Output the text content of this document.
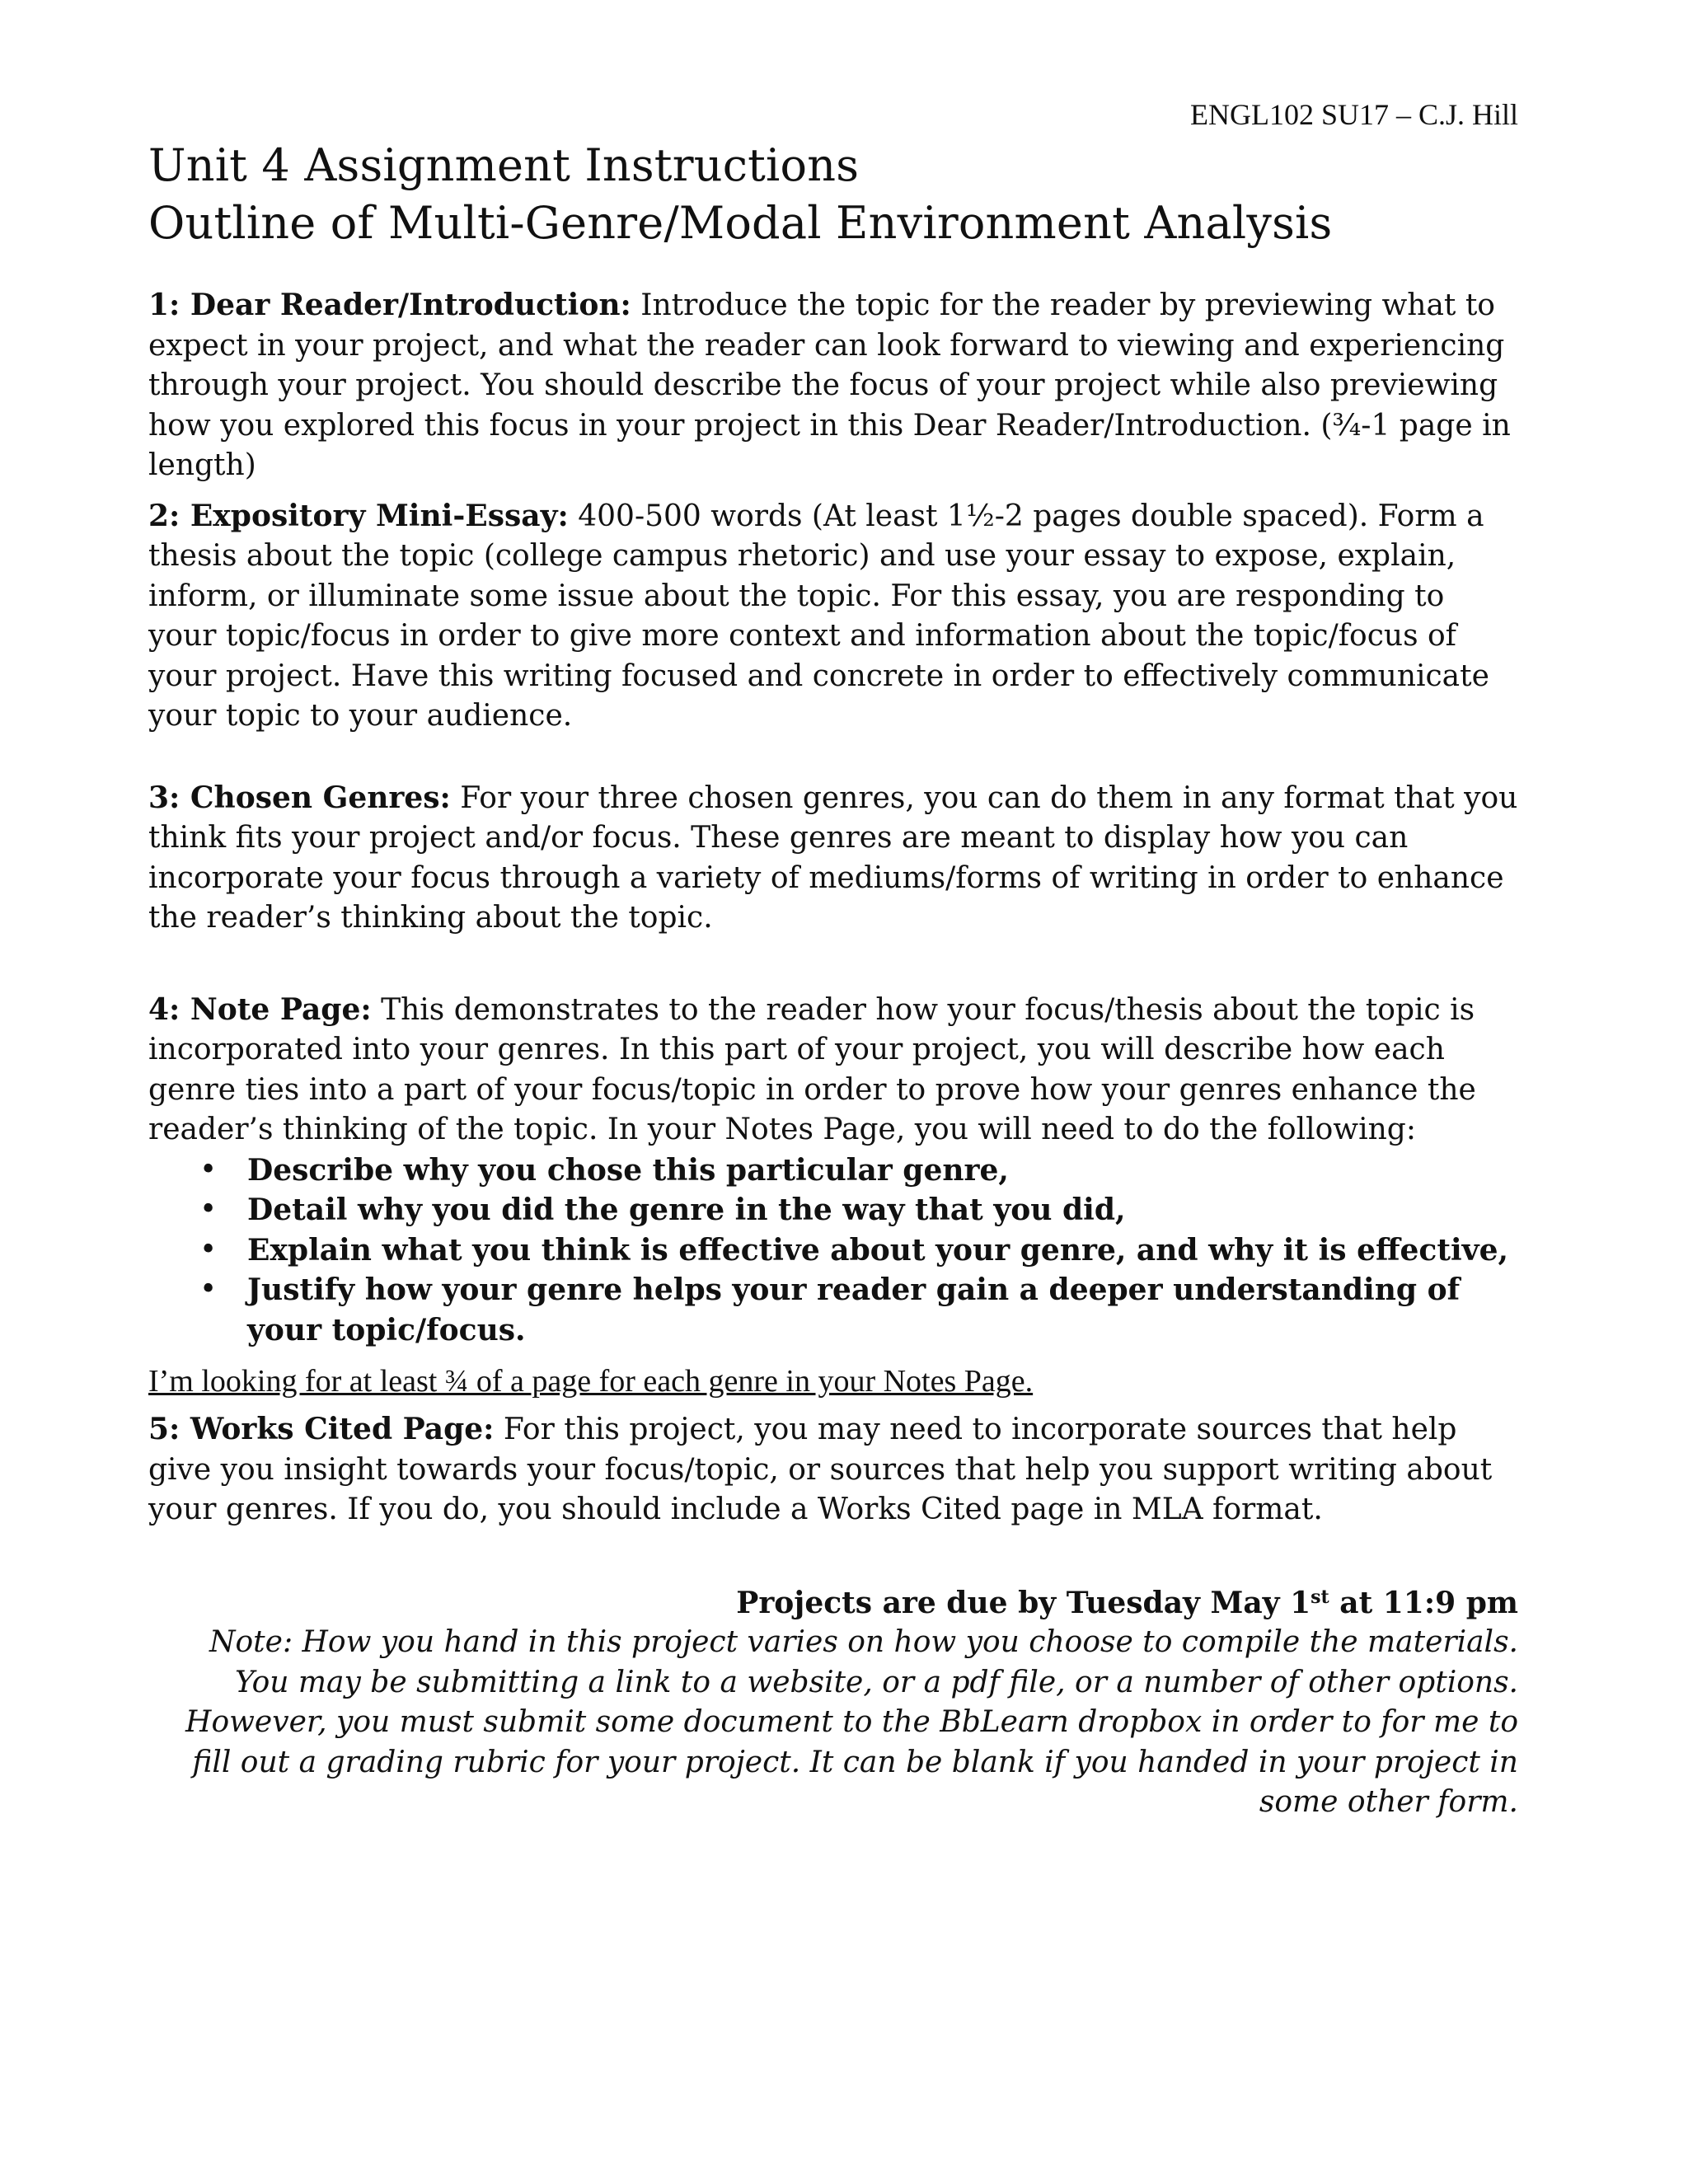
ENGL102 SU17 – C.J. Hill
Unit 4 Assignment Instructions
Outline of Multi-Genre/Modal Environment Analysis

1: Dear Reader/Introduction: Introduce the topic for the reader by previewing what to expect in your project, and what the reader can look forward to viewing and experiencing through your project. You should describe the focus of your project while also previewing how you explored this focus in your project in this Dear Reader/Introduction. (¾-1 page in length)

2: Expository Mini-Essay: 400-500 words (At least 1½-2 pages double spaced). Form a thesis about the topic (college campus rhetoric) and use your essay to expose, explain, inform, or illuminate some issue about the topic. For this essay, you are responding to your topic/focus in order to give more context and information about the topic/focus of your project. Have this writing focused and concrete in order to effectively communicate your topic to your audience.

3: Chosen Genres: For your three chosen genres, you can do them in any format that you think fits your project and/or focus. These genres are meant to display how you can incorporate your focus through a variety of mediums/forms of writing in order to enhance the reader’s thinking about the topic.

4: Note Page: This demonstrates to the reader how your focus/thesis about the topic is incorporated into your genres. In this part of your project, you will describe how each genre ties into a part of your focus/topic in order to prove how your genres enhance the reader’s thinking of the topic. In your Notes Page, you will need to do the following:

• Describe why you chose this particular genre,
• Detail why you did the genre in the way that you did,
• Explain what you think is effective about your genre, and why it is effective,
• Justify how your genre helps your reader gain a deeper understanding of your topic/focus.
I’m looking for at least ¾ of a page for each genre in your Notes Page.

5: Works Cited Page: For this project, you may need to incorporate sources that help give you insight towards your focus/topic, or sources that help you support writing about your genres. If you do, you should include a Works Cited page in MLA format.

Projects are due by Tuesday May 1st at 11:9 pm

Note: How you hand in this project varies on how you choose to compile the materials. You may be submitting a link to a website, or a pdf file, or a number of other options. However, you must submit some document to the BbLearn dropbox in order to for me to fill out a grading rubric for your project. It can be blank if you handed in your project in some other form.
